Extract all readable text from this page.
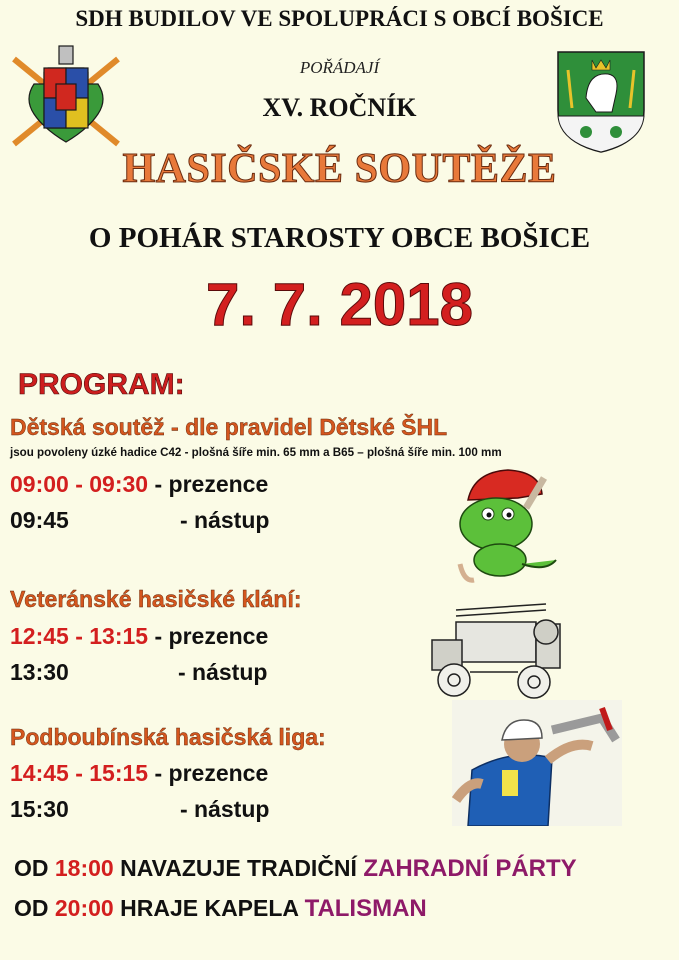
SDH BUDILOV VE SPOLUPRÁCI S OBCÍ BOŠICE
POŘÁDAJÍ
XV. ROČNÍK
HASIČSKÉ SOUTĚŽE
O POHÁR STAROSTY OBCE BOŠICE
7. 7. 2018
PROGRAM:
Dětská soutěž - dle pravidel Dětské ŠHL
jsou povoleny úzké hadice C42 - plošná šíře min. 65 mm a B65 – plošná šíře min. 100 mm
09:00 - 09:30 - prezence
09:45	- nástup
Veteránské hasičské klání:
12:45 - 13:15 - prezence
13:30	- nástup
Podboubínská hasičská liga:
14:45 - 15:15 - prezence
15:30	- nástup
OD 18:00 NAVAZUJE TRADIČNÍ ZAHRADNÍ PÁRTY
OD 20:00 HRAJE KAPELA TALISMAN
